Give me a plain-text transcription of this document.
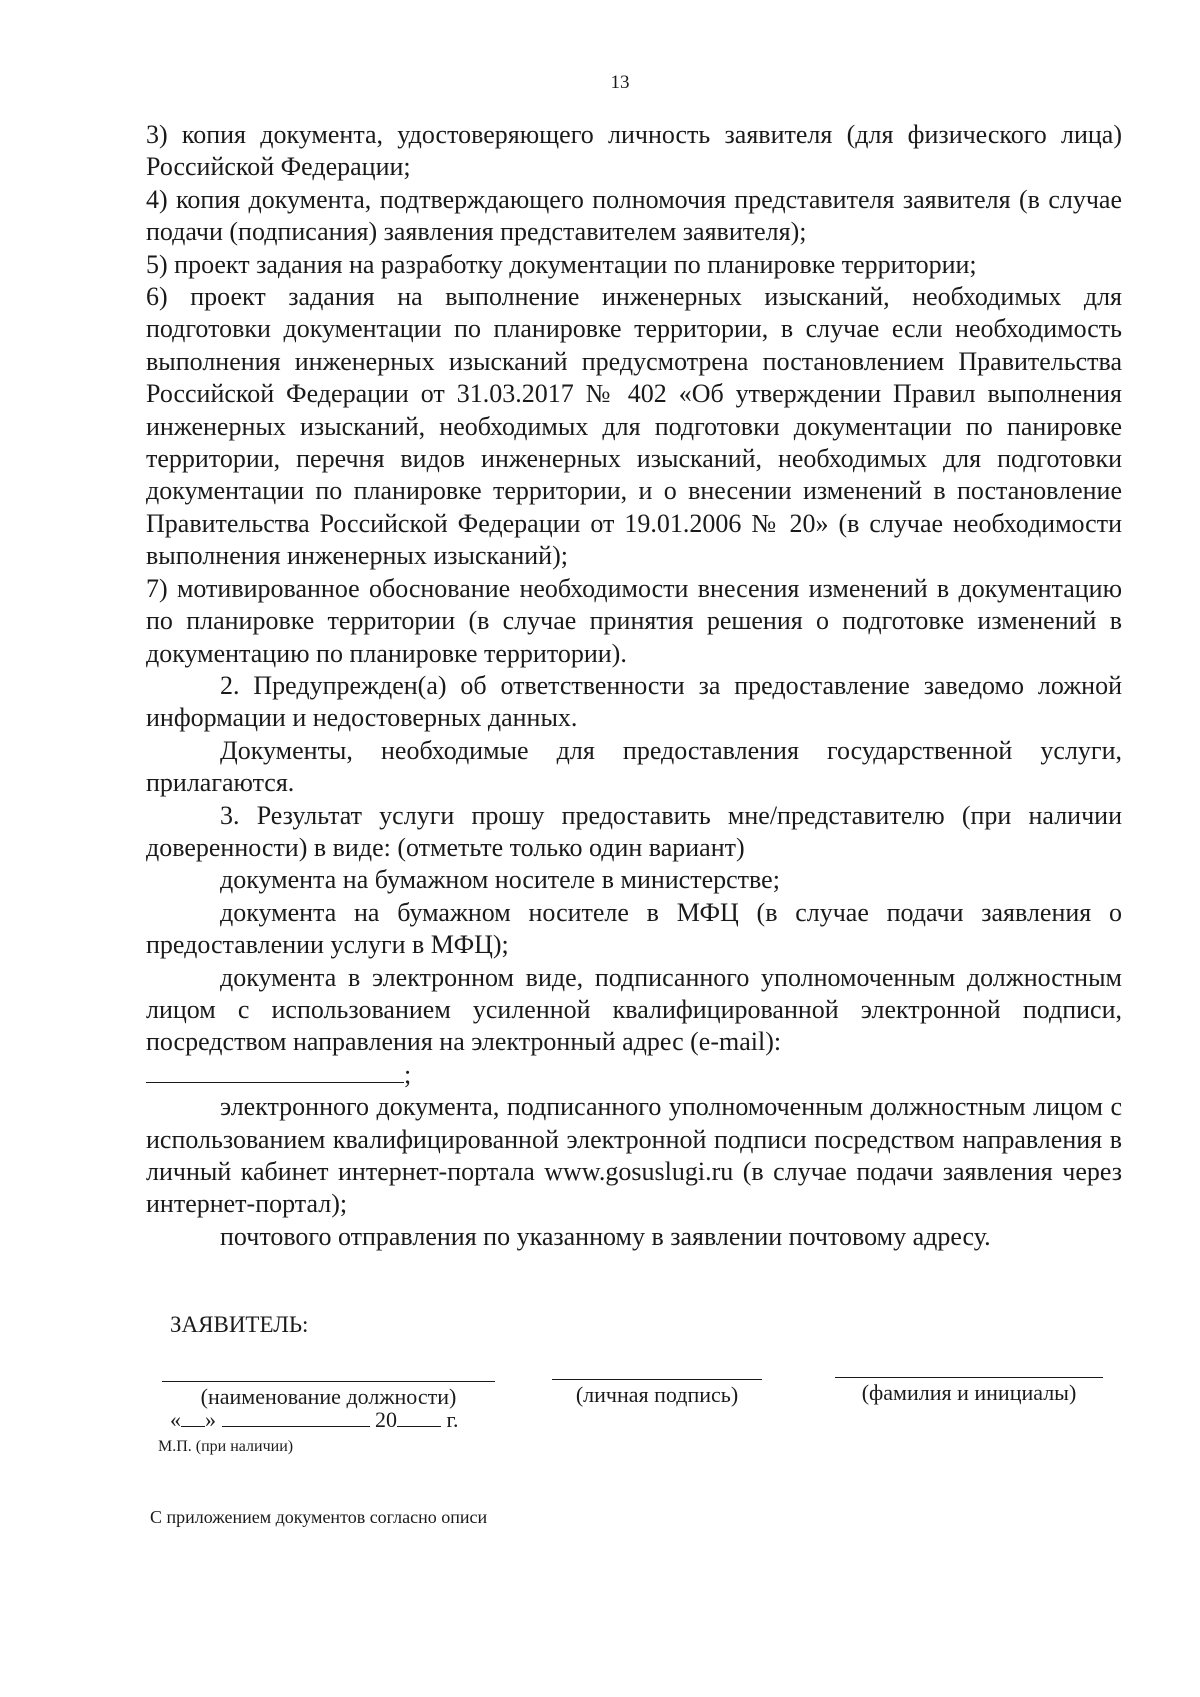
13

3) копия документа, удостоверяющего личность заявителя (для физического лица) Российской Федерации;

4) копия документа, подтверждающего полномочия представителя заявителя (в случае подачи (подписания) заявления представителем заявителя);

5) проект задания на разработку документации по планировке территории;

6) проект задания на выполнение инженерных изысканий, необходимых для подготовки документации по планировке территории, в случае если необходимость выполнения инженерных изысканий предусмотрена постановлением Правительства Российской Федерации от 31.03.2017 № 402 «Об утверждении Правил выполнения инженерных изысканий, необходимых для подготовки документации по панировке территории, перечня видов инженерных изысканий, необходимых для подготовки документации по планировке территории, и о внесении изменений в постановление Правительства Российской Федерации от 19.01.2006 № 20» (в случае необходимости выполнения инженерных изысканий);

7) мотивированное обоснование необходимости внесения изменений в документацию по планировке территории (в случае принятия решения о подготовке изменений в документацию по планировке территории).

2. Предупрежден(а) об ответственности за предоставление заведомо ложной информации и недостоверных данных.

Документы, необходимые для предоставления государственной услуги, прилагаются.

3. Результат услуги прошу предоставить мне/представителю (при наличии доверенности) в виде: (отметьте только один вариант)

документа на бумажном носителе в министерстве;

документа на бумажном носителе в МФЦ (в случае подачи заявления о предоставлении услуги в МФЦ);

документа в электронном виде, подписанного уполномоченным должностным лицом с использованием усиленной квалифицированной электронной подписи, посредством направления на электронный адрес (e-mail):

;

электронного документа, подписанного уполномоченным должностным лицом с использованием квалифицированной электронной подписи посредством направления в личный кабинет интернет-портала www.gosuslugi.ru (в случае подачи заявления через интернет-портал);

почтового отправления по указанному в заявлении почтовому адресу.

ЗАЯВИТЕЛЬ:
(наименование должности)	(личная подпись)	(фамилия и инициалы)
« »	20 г.
М.П. (при наличии)
С приложением документов согласно описи
